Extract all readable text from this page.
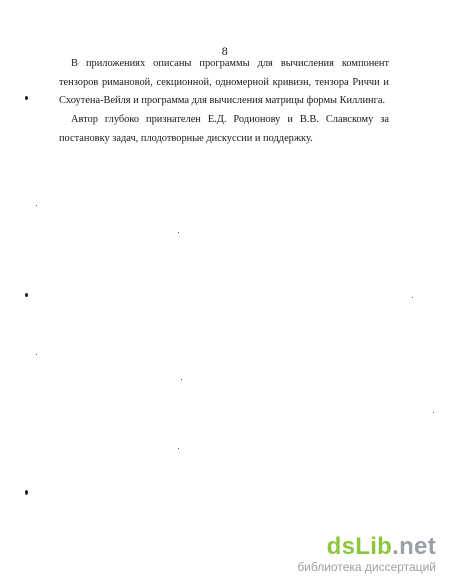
8
В приложениях описаны программы для вычисления компонент
тензоров римановой, секционной, одномерной кривизн, тензора Риччи и
Схоутена-Вейля и программа для вычисления матрицы формы Киллинга.
Автор глубоко признателен Е.Д. Родионову и В.В. Славскому за
постановку задач, плодотворные дискуссии и поддержку.
dsLib.net
библиотека диссертаций
